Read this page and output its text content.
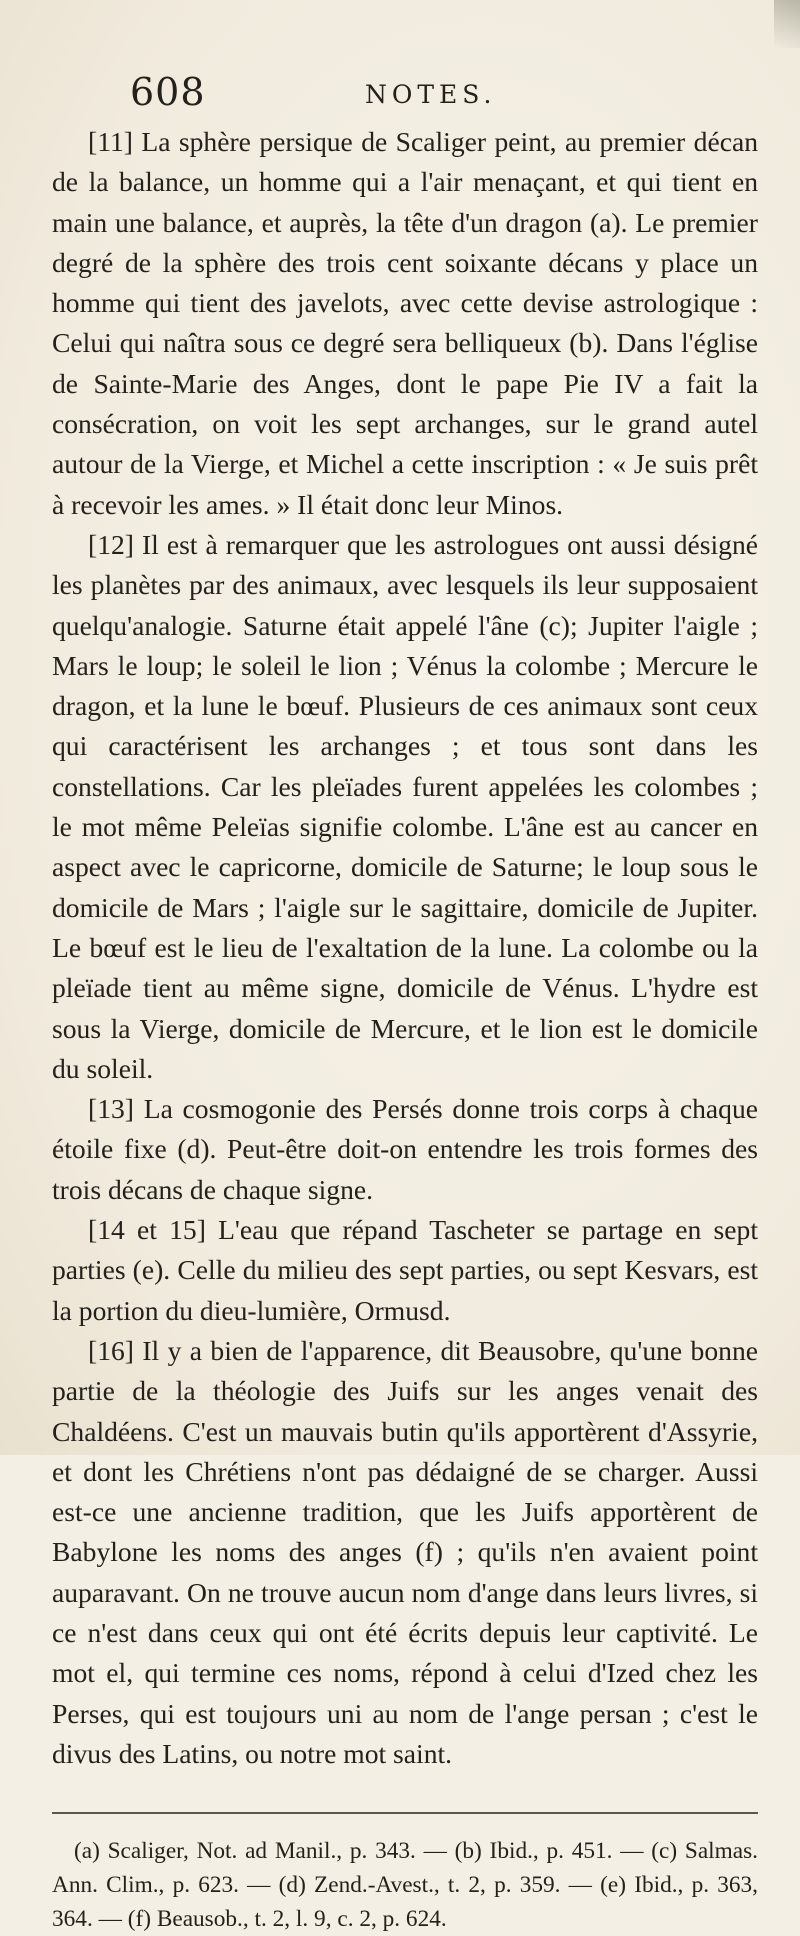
608	NOTES.

[11] La sphère persique de Scaliger peint, au premier décan de la balance, un homme qui a l'air menaçant, et qui tient en main une balance, et auprès, la tête d'un dragon (a). Le premier degré de la sphère des trois cent soixante décans y place un homme qui tient des javelots, avec cette devise astrologique : Celui qui naîtra sous ce degré sera belliqueux (b). Dans l'église de Sainte-Marie des Anges, dont le pape Pie IV a fait la consécration, on voit les sept archanges, sur le grand autel autour de la Vierge, et Michel a cette inscription : « Je suis prêt à recevoir les ames. » Il était donc leur Minos.

[12] Il est à remarquer que les astrologues ont aussi désigné les planètes par des animaux, avec lesquels ils leur supposaient quelqu'analogie. Saturne était appelé l'âne (c); Jupiter l'aigle ; Mars le loup; le soleil le lion ; Vénus la colombe ; Mercure le dragon, et la lune le bœuf. Plusieurs de ces animaux sont ceux qui caractérisent les archanges ; et tous sont dans les constellations. Car les pleïades furent appelées les colombes ; le mot même Peleïas signifie colombe. L'âne est au cancer en aspect avec le capricorne, domicile de Saturne; le loup sous le domicile de Mars ; l'aigle sur le sagittaire, domicile de Jupiter. Le bœuf est le lieu de l'exaltation de la lune. La colombe ou la pleïade tient au même signe, domicile de Vénus. L'hydre est sous la Vierge, domicile de Mercure, et le lion est le domicile du soleil.

[13] La cosmogonie des Persés donne trois corps à chaque étoile fixe (d). Peut-être doit-on entendre les trois formes des trois décans de chaque signe.

[14 et 15] L'eau que répand Tascheter se partage en sept parties (e). Celle du milieu des sept parties, ou sept Kesvars, est la portion du dieu-lumière, Ormusd.

[16] Il y a bien de l'apparence, dit Beausobre, qu'une bonne partie de la théologie des Juifs sur les anges venait des Chaldéens. C'est un mauvais butin qu'ils apportèrent d'Assyrie, et dont les Chrétiens n'ont pas dédaigné de se charger. Aussi est-ce une ancienne tradition, que les Juifs apportèrent de Babylone les noms des anges (f) ; qu'ils n'en avaient point auparavant. On ne trouve aucun nom d'ange dans leurs livres, si ce n'est dans ceux qui ont été écrits depuis leur captivité. Le mot el, qui termine ces noms, répond à celui d'Ized chez les Perses, qui est toujours uni au nom de l'ange persan ; c'est le divus des Latins, ou notre mot saint.

(a) Scaliger, Not. ad Manil., p. 343. — (b) Ibid., p. 451. — (c) Salmas. Ann. Clim., p. 623. — (d) Zend.-Avest., t. 2, p. 359. — (e) Ibid., p. 363, 364. — (f) Beausob., t. 2, l. 9, c. 2, p. 624.
